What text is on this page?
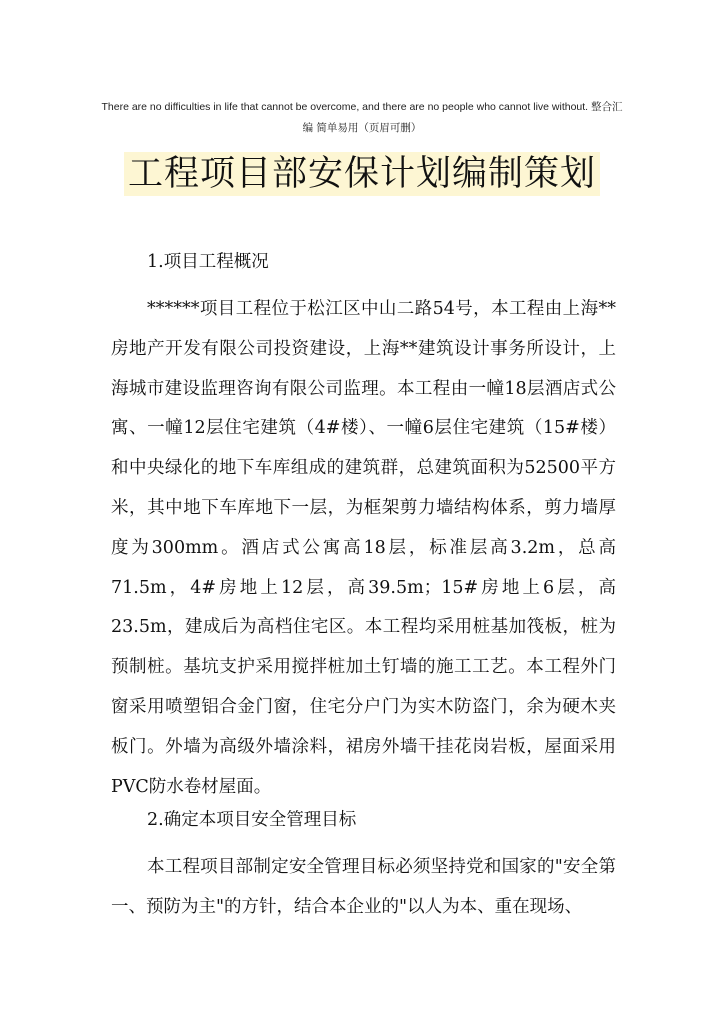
There are no difficulties in life that cannot be overcome, and there are no people who cannot live without. 整合汇
编 简单易用（页眉可删）
工程项目部安保计划编制策划
1.项目工程概况

******项目工程位于松江区中山二路54号，本工程由上海**房地产开发有限公司投资建设，上海**建筑设计事务所设计，上海城市建设监理咨询有限公司监理。本工程由一幢18层酒店式公寓、一幢12层住宅建筑（4#楼）、一幢6层住宅建筑（15#楼）和中央绿化的地下车库组成的建筑群，总建筑面积为52500平方米，其中地下车库地下一层，为框架剪力墙结构体系，剪力墙厚度为300mm。酒店式公寓高18层，标准层高3.2m，总高71.5m，4#房地上12层，高39.5m；15#房地上6层，高23.5m，建成后为高档住宅区。本工程均采用桩基加筏板，桩为预制桩。基坑支护采用搅拌桩加土钉墙的施工工艺。本工程外门窗采用喷塑铝合金门窗，住宅分户门为实木防盗门，余为硬木夹板门。外墙为高级外墙涂料，裙房外墙干挂花岗岩板，屋面采用PVC防水卷材屋面。

2.确定本项目安全管理目标

本工程项目部制定安全管理目标必须坚持党和国家的"安全第一、预防为主"的方针，结合本企业的"以人为本、重在现场、
